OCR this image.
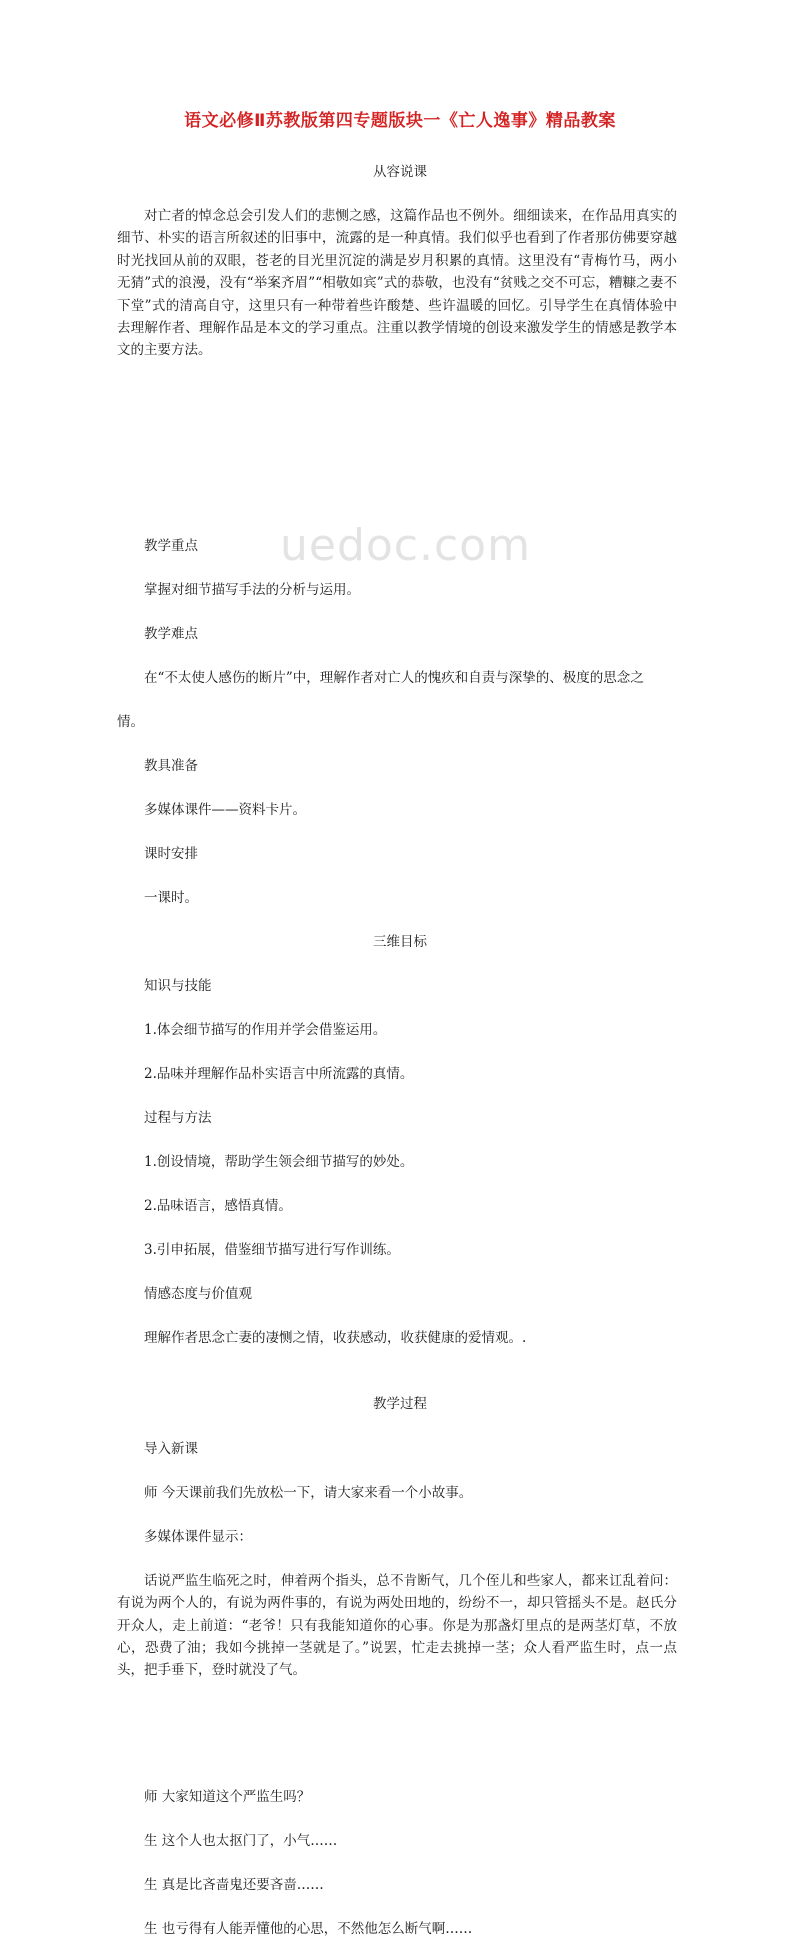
uedoc.com
语文必修Ⅱ苏教版第四专题版块一《亡人逸事》精品教案
从容说课
对亡者的悼念总会引发人们的悲恻之感，这篇作品也不例外。细细读来，在作品用真实的细节、朴实的语言所叙述的旧事中，流露的是一种真情。我们似乎也看到了作者那仿佛要穿越时光找回从前的双眼，苍老的目光里沉淀的满是岁月积累的真情。这里没有“青梅竹马，两小无猜”式的浪漫，没有“举案齐眉”“相敬如宾”式的恭敬，也没有“贫贱之交不可忘，糟糠之妻不下堂”式的清高自守，这里只有一种带着些许酸楚、些许温暖的回忆。引导学生在真情体验中去理解作者、理解作品是本文的学习重点。注重以教学情境的创设来激发学生的情感是教学本文的主要方法。
教学重点
掌握对细节描写手法的分析与运用。
教学难点
在“不太使人感伤的断片”中，理解作者对亡人的愧疚和自责与深挚的、极度的思念之
情。
教具准备
多媒体课件——资料卡片。
课时安排
一课时。
三维目标
知识与技能
1.体会细节描写的作用并学会借鉴运用。
2.品味并理解作品朴实语言中所流露的真情。
过程与方法
1.创设情境，帮助学生领会细节描写的妙处。
2.品味语言，感悟真情。
3.引申拓展，借鉴细节描写进行写作训练。
情感态度与价值观
理解作者思念亡妻的凄恻之情，收获感动，收获健康的爱情观。.
教学过程
导入新课
师 今天课前我们先放松一下，请大家来看一个小故事。
多媒体课件显示：
话说严监生临死之时，伸着两个指头，总不肯断气，几个侄儿和些家人，都来讧乱着问：有说为两个人的，有说为两件事的，有说为两处田地的，纷纷不一，却只管摇头不是。赵氏分开众人，走上前道：“老爷！只有我能知道你的心事。你是为那盏灯里点的是两茎灯草，不放心，恐费了油；我如今挑掉一茎就是了。”说罢，忙走去挑掉一茎；众人看严监生时，点一点头，把手垂下，登时就没了气。
师 大家知道这个严监生吗？
生 这个人也太抠门了，小气……
生 真是比吝啬鬼还要吝啬……
生 也亏得有人能弄懂他的心思，不然他怎么断气啊……
